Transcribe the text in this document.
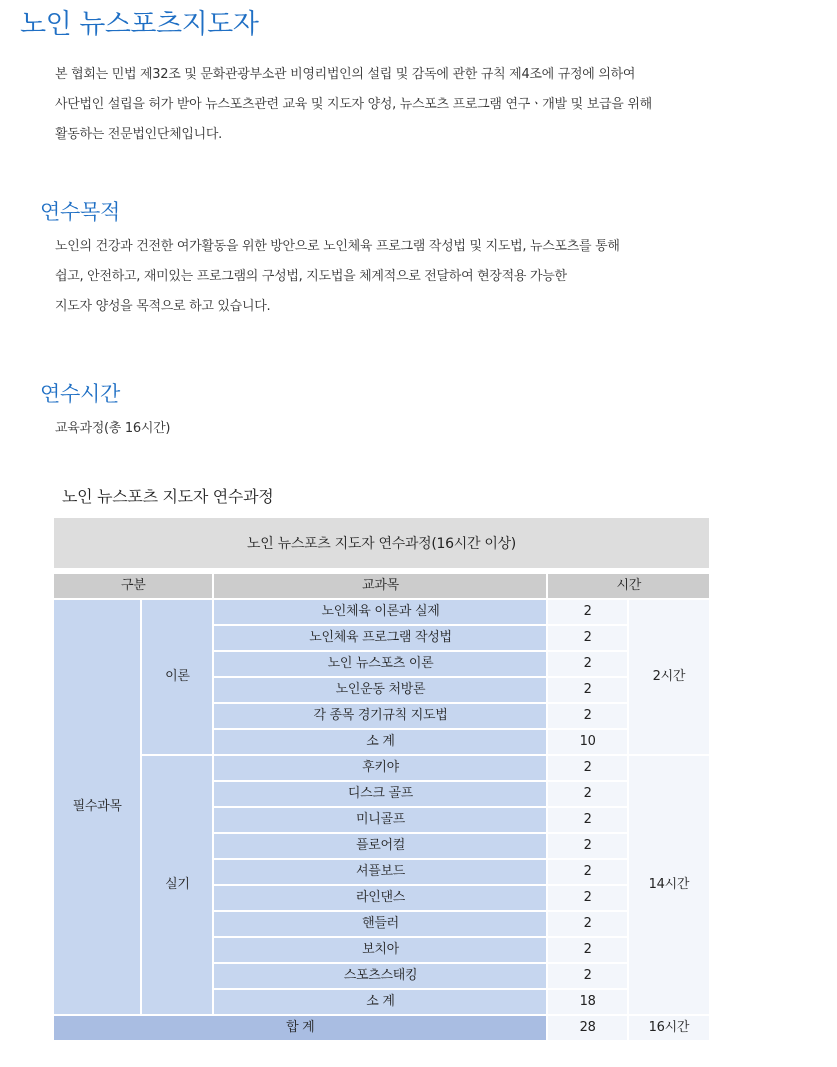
노인 뉴스포츠지도자
본 협회는 민법 제32조 및 문화관광부소관 비영리법인의 설립 및 감독에 관한 규칙 제4조에 규정에 의하여
사단법인 설립을 허가 받아 뉴스포츠관련 교육 및 지도자 양성, 뉴스포츠 프로그램 연구ㆍ개발 및 보급을 위해
활동하는 전문법인단체입니다.
연수목적
노인의 건강과 건전한 여가활동을 위한 방안으로 노인체육 프로그램 작성법 및 지도법, 뉴스포츠를 통해
쉽고, 안전하고, 재미있는 프로그램의 구성법, 지도법을 체계적으로 전달하여 현장적용 가능한
지도자 양성을 목적으로 하고 있습니다.
연수시간
교육과정(총 16시간)
노인 뉴스포츠 지도자 연수과정
노인 뉴스포츠 지도자 연수과정(16시간 이상)
구분		교과목	시간	
필수과목	이론	노인체육 이론과 실제	2	2시간
		노인체육 프로그램 작성법	2	
		노인 뉴스포츠 이론	2	
		노인운동 처방론	2	
		각 종목 경기규칙 지도법	2	
		소 계	10	
	실기	후키야	2	14시간
		디스크 골프	2	
		미니골프	2	
		플로어컬	2	
		셔플보드	2	
		라인댄스	2	
		핸들러	2	
		보치아	2	
		스포츠스태킹	2	
		소 계	18	
합 계			28	16시간
